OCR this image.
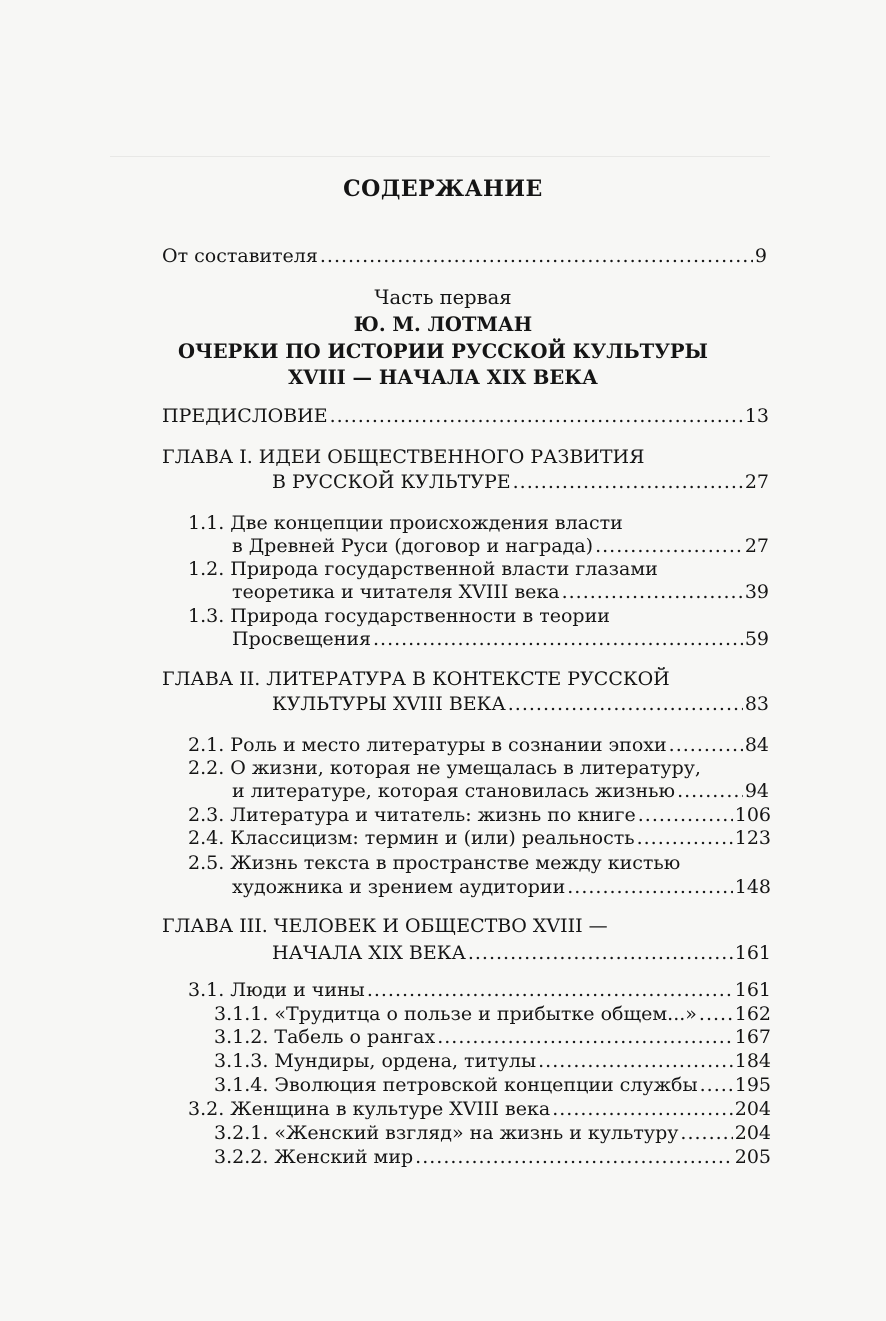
СОДЕРЖАНИЕ
От составителя .....	9
Часть первая
Ю. М. ЛОТМАН
ОЧЕРКИ ПО ИСТОРИИ РУССКОЙ КУЛЬТУРЫ
XVIII — НАЧАЛА XIX ВЕКА
ПРЕДИСЛОВИЕ .....	13
ГЛАВА I. ИДЕИ ОБЩЕСТВЕННОГО РАЗВИТИЯ
В РУССКОЙ КУЛЬТУРЕ .....	27
1.1. Две концепции происхождения власти
в Древней Руси (договор и награда) .....	27
1.2. Природа государственной власти глазами
теоретика и читателя XVIII века .....	39
1.3. Природа государственности в теории
Просвещения .....	59
ГЛАВА II. ЛИТЕРАТУРА В КОНТЕКСТЕ РУССКОЙ
КУЛЬТУРЫ XVIII ВЕКА .....	83
2.1. Роль и место литературы в сознании эпохи .....	84
2.2. О жизни, которая не умещалась в литературу,
и литературе, которая становилась жизнью .....	94
2.3. Литература и читатель: жизнь по книге .....	106
2.4. Классицизм: термин и (или) реальность .....	123
2.5. Жизнь текста в пространстве между кистью
художника и зрением аудитории .....	148
ГЛАВА III. ЧЕЛОВЕК И ОБЩЕСТВО XVIII —
НАЧАЛА XIX ВЕКА .....	161
3.1. Люди и чины .....	161
3.1.1. «Трудитца о пользе и прибытке общем...» ..... 162
3.1.2. Табель о рангах .....	167
3.1.3. Мундиры, ордена, титулы .....	184
3.1.4. Эволюция петровской концепции службы ..... 195
3.2. Женщина в культуре XVIII века .....	204
3.2.1. «Женский взгляд» на жизнь и культуру .....	204
3.2.2. Женский мир .....	205
